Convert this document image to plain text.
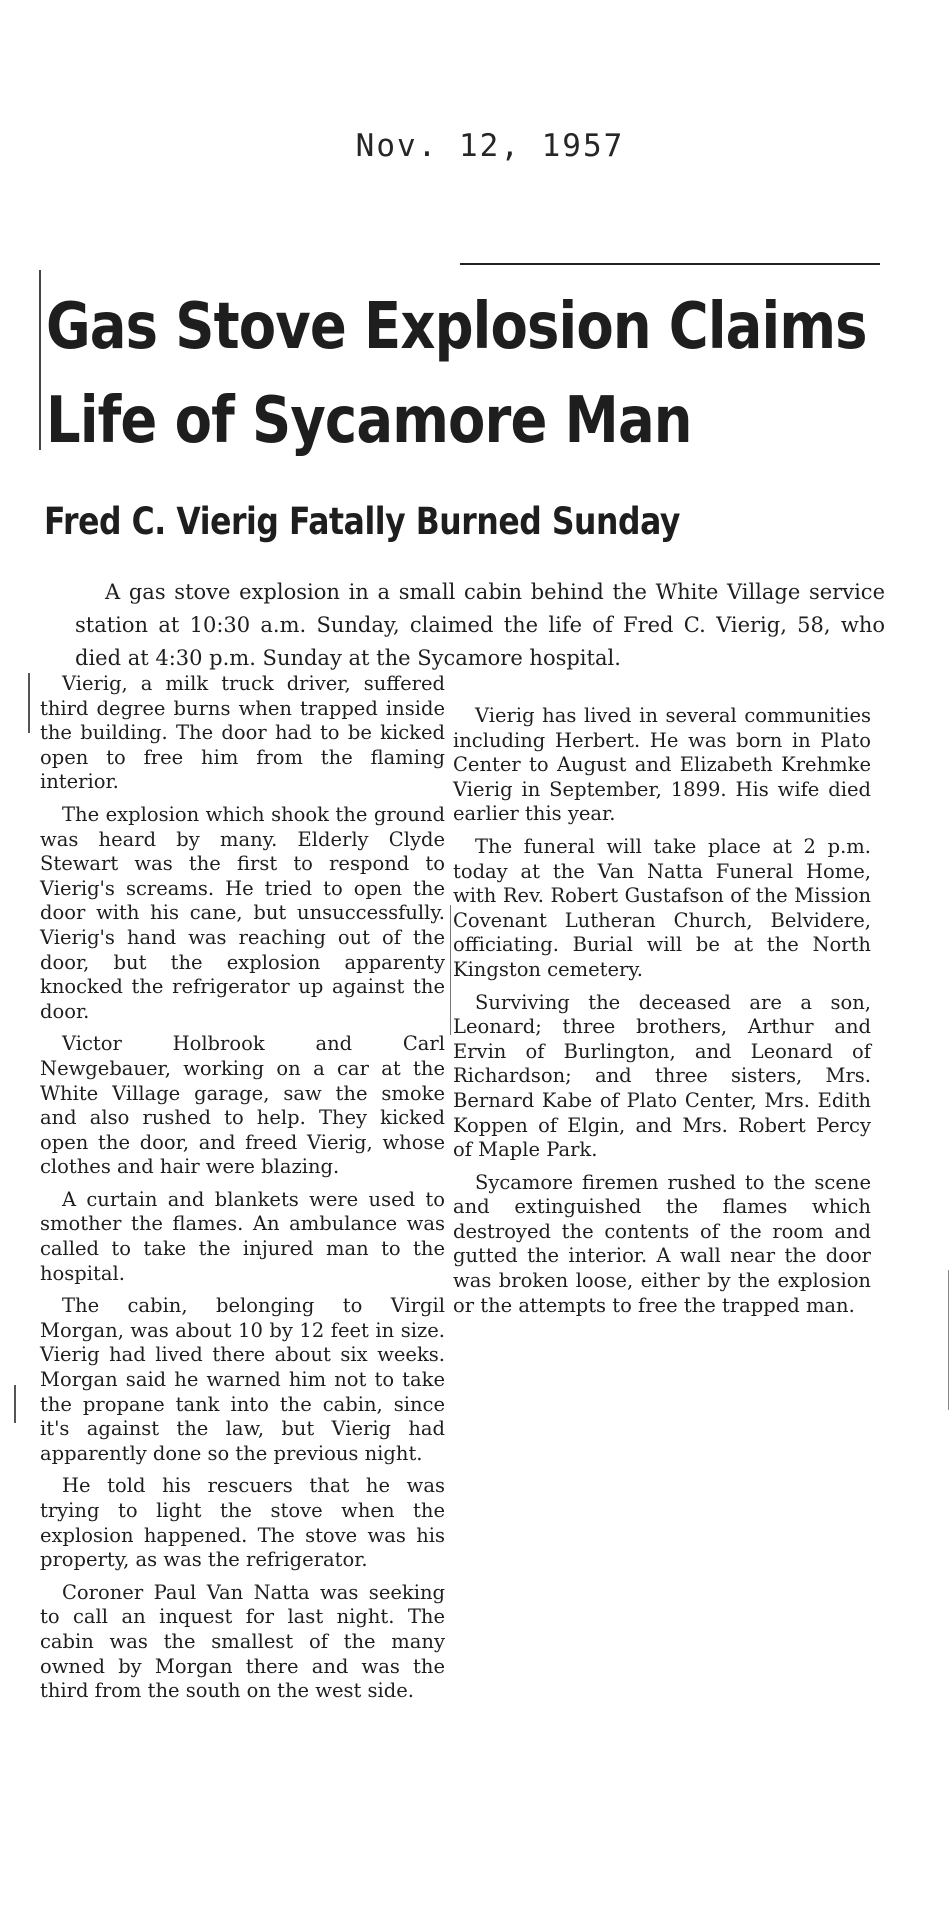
Nov. 12, 1957
Gas Stove Explosion Claims Life of Sycamore Man
Fred C. Vierig Fatally Burned Sunday

A gas stove explosion in a small cabin behind the White Village service station at 10:30 a.m. Sunday, claimed the life of Fred C. Vierig, 58, who died at 4:30 p.m. Sunday at the Sycamore hospital.

Vierig, a milk truck driver, suffered third degree burns when trapped inside the building. The door had to be kicked open to free him from the flaming interior.

The explosion which shook the ground was heard by many. Elderly Clyde Stewart was the first to respond to Vierig's screams. He tried to open the door with his cane, but unsuccessfully. Vierig's hand was reaching out of the door, but the explosion apparenty knocked the refrigerator up against the door.

Victor Holbrook and Carl Newgebauer, working on a car at the White Village garage, saw the smoke and also rushed to help. They kicked open the door, and freed Vierig, whose clothes and hair were blazing.

A curtain and blankets were used to smother the flames. An ambulance was called to take the injured man to the hospital.

The cabin, belonging to Virgil Morgan, was about 10 by 12 feet in size. Vierig had lived there about six weeks. Morgan said he warned him not to take the propane tank into the cabin, since it's against the law, but Vierig had apparently done so the previous night.

He told his rescuers that he was trying to light the stove when the explosion happened. The stove was his property, as was the refrigerator.

Coroner Paul Van Natta was seeking to call an inquest for last night. The cabin was the smallest of the many owned by Morgan there and was the third from the south on the west side.

Vierig has lived in several communities including Herbert. He was born in Plato Center to August and Elizabeth Krehmke Vierig in September, 1899. His wife died earlier this year.

The funeral will take place at 2 p.m. today at the Van Natta Funeral Home, with Rev. Robert Gustafson of the Mission Covenant Lutheran Church, Belvidere, officiating. Burial will be at the North Kingston cemetery.

Surviving the deceased are a son, Leonard; three brothers, Arthur and Ervin of Burlington, and Leonard of Richardson; and three sisters, Mrs. Bernard Kabe of Plato Center, Mrs. Edith Koppen of Elgin, and Mrs. Robert Percy of Maple Park.

Sycamore firemen rushed to the scene and extinguished the flames which destroyed the contents of the room and gutted the interior. A wall near the door was broken loose, either by the explosion or the attempts to free the trapped man.
